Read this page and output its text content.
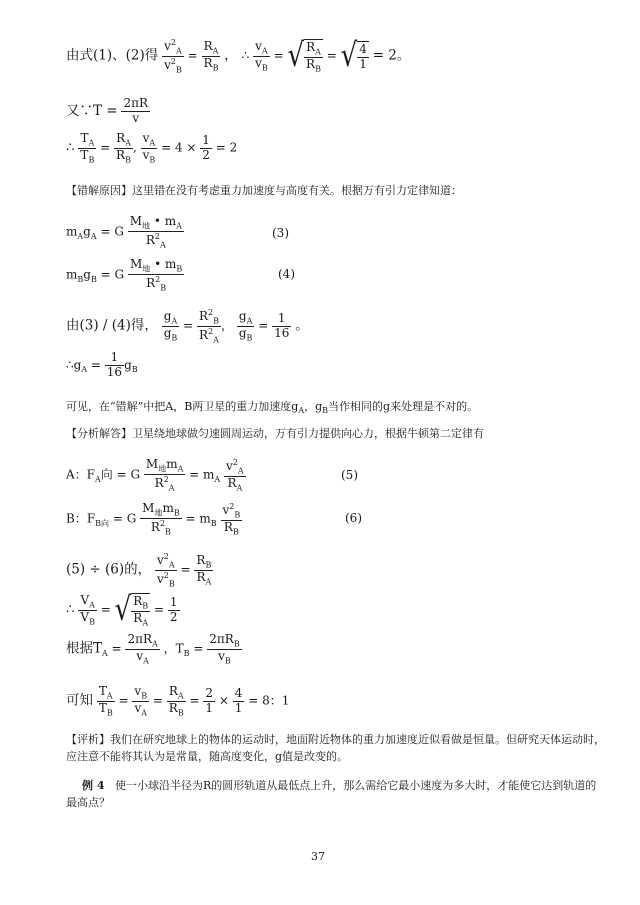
由式(1)、(2)得 $\frac{v^2_A}{v^2_B} = \frac{R_A}{R_B}$ ， ∴ $\frac{v_A}{v_B}$ = √ $\frac{R_A}{R_B}$ = √ $\frac{4}{1} = 2$。
又∵T = $\frac{2\pi R}{v}$
∴ $\frac{T_A}{T_B} = \frac{R_A}{R_B}$ , $\frac{v_A}{v_B} = 4 \times \frac{1}{2} = 2$
【错解原因】这里错在没有考虑重力加速度与高度有关。根据万有引力定律知道：
$m_Ag_A = G \frac{M_地 • m_A}{R^2_A}$	(3)
$m_Bg_B = G \frac{M_地 • m_B}{R^2_B}$	(4)
由(3) / (4)得， $\frac{g_A}{g_B} = \frac{R^2_B}{R^2_A}$ ， $\frac{g_A}{g_B} = \frac{1}{16}$ 。
$\therefore g_A = \frac{1}{16} g_B$
可见，在“错解”中把A，B两卫星的重力加速度$g_A$，$g_B$当作相同的g来处理是不对的。
【分析解答】卫星绕地球做匀速圆周运动，万有引力提供向心力，根据牛顿第二定律有
A：$F_A$向 = G $\frac{M_地m_A}{R^2_A} = m_A \frac{v^2_A}{R_A}$	(5)
B：$F_{B向} = G \frac{M_地m_B}{R^2_B} = m_B \frac{v^2_B}{R_B}$	(6)
(5) ÷ (6)的， $\frac{v^2_A}{v^2_B} = \frac{R_B}{R_A}$
∴ $\frac{V_A}{V_B}$ = √ $\frac{R_B}{R_A} = \frac{1}{2}$
根据$T_A = \frac{2\pi R_A}{v_A}$ ，$T_B = \frac{2\pi R_B}{v_B}$
可知 $\frac{T_A}{T_B} = \frac{v_B}{v_A} = \frac{R_A}{R_B} = \frac{2}{1} \times \frac{4}{1} = 8$：1
【评析】我们在研究地球上的物体的运动时，地面附近物体的重力加速度近似看做是恒量。但研究天体运动时，应注意不能将其认为是常量，随高度变化，g值是改变的。
例 4 使一小球沿半径为R的圆形轨道从最低点上升，那么需给它最小速度为多大时，才能使它达到轨道的最高点？
37
